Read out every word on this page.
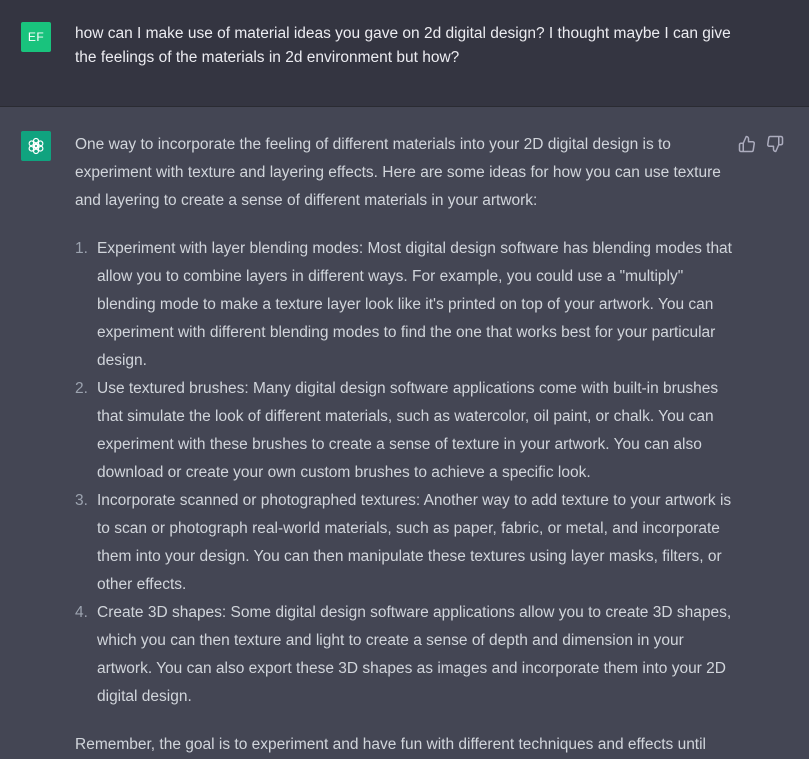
EF	how can I make use of material ideas you gave on 2d digital design? I thought maybe I can give the feelings of the materials in 2d environment but how?

One way to incorporate the feeling of different materials into your 2D digital design is to experiment with texture and layering effects. Here are some ideas for how you can use texture and layering to create a sense of different materials in your artwork:

1. Experiment with layer blending modes: Most digital design software has blending modes that allow you to combine layers in different ways. For example, you could use a "multiply" blending mode to make a texture layer look like it's printed on top of your artwork. You can experiment with different blending modes to find the one that works best for your particular design.
2. Use textured brushes: Many digital design software applications come with built-in brushes that simulate the look of different materials, such as watercolor, oil paint, or chalk. You can experiment with these brushes to create a sense of texture in your artwork. You can also download or create your own custom brushes to achieve a specific look.
3. Incorporate scanned or photographed textures: Another way to add texture to your artwork is to scan or photograph real-world materials, such as paper, fabric, or metal, and incorporate them into your design. You can then manipulate these textures using layer masks, filters, or other effects.
4. Create 3D shapes: Some digital design software applications allow you to create 3D shapes, which you can then texture and light to create a sense of depth and dimension in your artwork. You can also export these 3D shapes as images and incorporate them into your 2D digital design.

Remember, the goal is to experiment and have fun with different techniques and effects until
